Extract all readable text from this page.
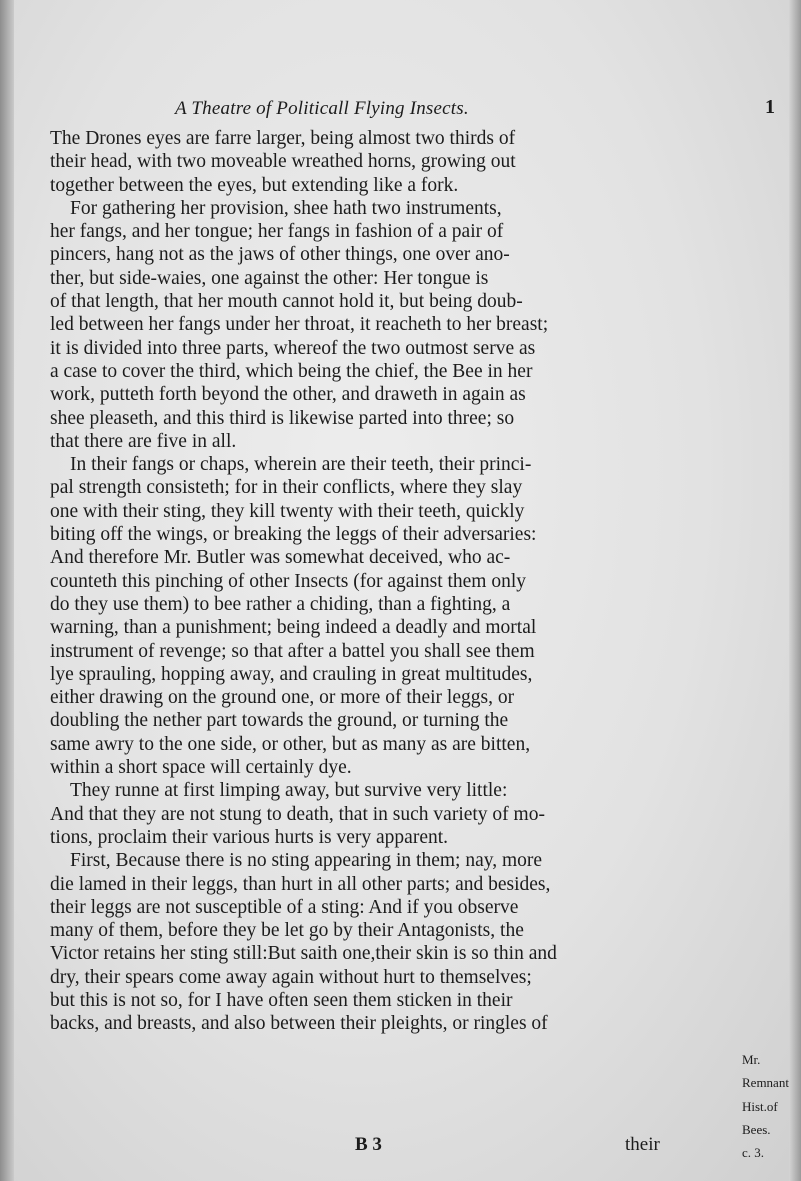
A Theatre of Politicall Flying Insects.	1
The Drones eyes are farre larger, being almost two thirds of
their head, with two moveable wreathed horns, growing out
together between the eyes, but extending like a fork.
For gathering her provision, shee hath two instruments,
her fangs, and her tongue; her fangs in fashion of a pair of
pincers, hang not as the jaws of other things, one over ano-
ther, but side-waies, one against the other: Her tongue is
of that length, that her mouth cannot hold it, but being doub-
led between her fangs under her throat, it reacheth to her breast;
it is divided into three parts, whereof the two outmost serve as
a case to cover the third, which being the chief, the Bee in her
work, putteth forth beyond the other, and draweth in again as
shee pleaseth, and this third is likewise parted into three; so
that there are five in all.
In their fangs or chaps, wherein are their teeth, their princi-
pal strength consisteth; for in their conflicts, where they slay
one with their sting, they kill twenty with their teeth, quickly
biting off the wings, or breaking the leggs of their adversaries:
And therefore Mr. Butler was somewhat deceived, who ac-
counteth this pinching of other Insects (for against them only
do they use them) to bee rather a chiding, than a fighting, a
warning, than a punishment; being indeed a deadly and mortal
instrument of revenge; so that after a battel you shall see them
lye sprauling, hopping away, and crauling in great multitudes,
either drawing on the ground one, or more of their leggs, or
doubling the nether part towards the ground, or turning the
same awry to the one side, or other, but as many as are bitten,
within a short space will certainly dye.
They runne at first limping away, but survive very little:
And that they are not stung to death, that in such variety of mo-
tions, proclaim their various hurts is very apparent.
First, Because there is no sting appearing in them; nay, more
die lamed in their leggs, than hurt in all other parts; and besides,
their leggs are not susceptible of a sting: And if you observe
many of them, before they be let go by their Antagonists, the
Victor retains her sting still:But saith one,their skin is so thin and
dry, their spears come away again without hurt to themselves;
but this is not so, for I have often seen them sticken in their
backs, and breasts, and also between their pleights, or ringles of
Mr. Remnant
Hist.of Bees.
c. 3.
B 3	their
